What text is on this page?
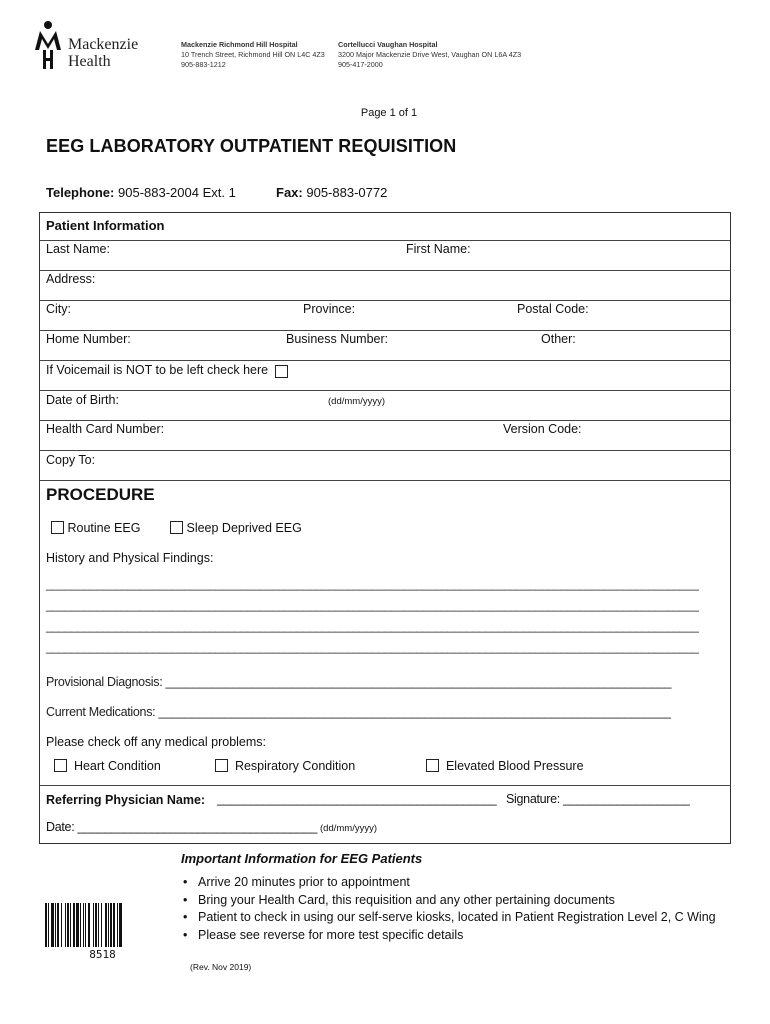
Mackenzie
Health
Mackenzie Richmond Hill Hospital
10 Trench Street, Richmond Hill ON L4C 4Z3
905-883-1212
Cortellucci Vaughan Hospital
3200 Major Mackenzie Drive West, Vaughan ON L6A 4Z3
905-417-2000
Page 1 of 1
EEG LABORATORY OUTPATIENT REQUISITION
Telephone: 905-883-2004 Ext. 1	Fax: 905-883-0772
Patient Information
Last Name:	First Name:
Address:
City:	Province:	Postal Code:
Home Number:	Business Number:	Other:
If Voicemail is NOT to be left check here
Date of Birth:	(dd/mm/yyyy)
Health Card Number:	Version Code:
Copy To:
PROCEDURE
Routine EEG	Sleep Deprived EEG
History and Physical Findings:
________________________________________________________________________________________________________
________________________________________________________________________________________________________
________________________________________________________________________________________________________
________________________________________________________________________________________________________
Provisional Diagnosis: ____________________________________________________________________________
Current Medications: _____________________________________________________________________________
Please check off any medical problems:
Heart Condition	Respiratory Condition	Elevated Blood Pressure
Referring Physician Name: __________________________________________ Signature: ___________________
Date: ____________________________________ (dd/mm/yyyy)
Important Information for EEG Patients
• Arrive 20 minutes prior to appointment
• Bring your Health Card, this requisition and any other pertaining documents
• Patient to check in using our self-serve kiosks, located in Patient Registration Level 2, C Wing
• Please see reverse for more test specific details
8518
(Rev. Nov 2019)
